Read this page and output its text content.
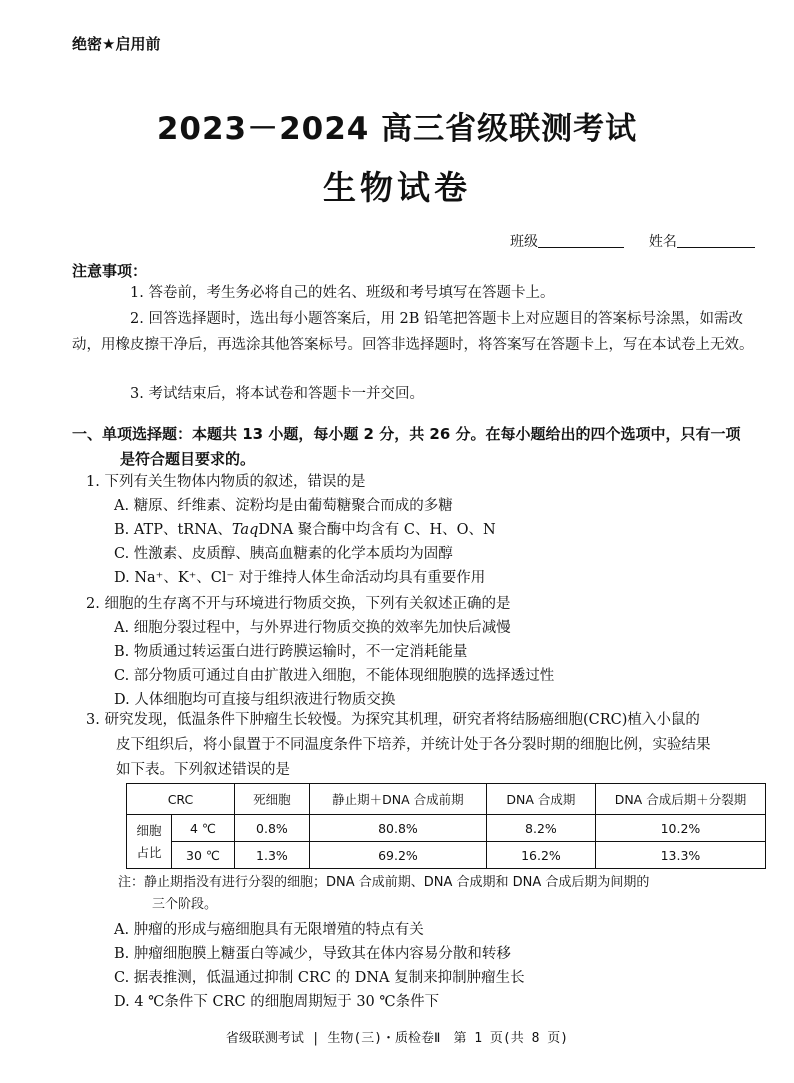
绝密★启用前
2023－2024 高三省级联测考试
生物试卷
班级	姓名
注意事项：
1. 答卷前，考生务必将自己的姓名、班级和考号填写在答题卡上。
2. 回答选择题时，选出每小题答案后，用 2B 铅笔把答题卡上对应题目的答案标号涂黑，如需改动，用橡皮擦干净后，再选涂其他答案标号。回答非选择题时，将答案写在答题卡上，写在本试卷上无效。
3. 考试结束后，将本试卷和答题卡一并交回。
一、单项选择题：本题共 13 小题，每小题 2 分，共 26 分。在每小题给出的四个选项中，只有一项
是符合题目要求的。
1. 下列有关生物体内物质的叙述，错误的是
A. 糖原、纤维素、淀粉均是由葡萄糖聚合而成的多糖
B. ATP、tRNA、TaqDNA 聚合酶中均含有 C、H、O、N
C. 性激素、皮质醇、胰高血糖素的化学本质均为固醇
D. Na⁺、K⁺、Cl⁻ 对于维持人体生命活动均具有重要作用
2. 细胞的生存离不开与环境进行物质交换，下列有关叙述正确的是
A. 细胞分裂过程中，与外界进行物质交换的效率先加快后减慢
B. 物质通过转运蛋白进行跨膜运输时，不一定消耗能量
C. 部分物质可通过自由扩散进入细胞，不能体现细胞膜的选择透过性
D. 人体细胞均可直接与组织液进行物质交换
3. 研究发现，低温条件下肿瘤生长较慢。为探究其机理，研究者将结肠癌细胞(CRC)植入小鼠的
皮下组织后，将小鼠置于不同温度条件下培养，并统计处于各分裂时期的细胞比例，实验结果
如下表。下列叙述错误的是
CRC		死细胞	静止期＋DNA 合成前期	DNA 合成期	DNA 合成后期＋分裂期
细胞占比	4 ℃	0.8%	80.8%	8.2%	10.2%
	30 ℃	1.3%	69.2%	16.2%	13.3%
注：静止期指没有进行分裂的细胞；DNA 合成前期、DNA 合成期和 DNA 合成后期为间期的
三个阶段。
A. 肿瘤的形成与癌细胞具有无限增殖的特点有关
B. 肿瘤细胞膜上糖蛋白等减少，导致其在体内容易分散和转移
C. 据表推测，低温通过抑制 CRC 的 DNA 复制来抑制肿瘤生长
D. 4 ℃条件下 CRC 的细胞周期短于 30 ℃条件下
省级联测考试 | 生物(三)・质检卷Ⅱ　第 1 页(共 8 页)
